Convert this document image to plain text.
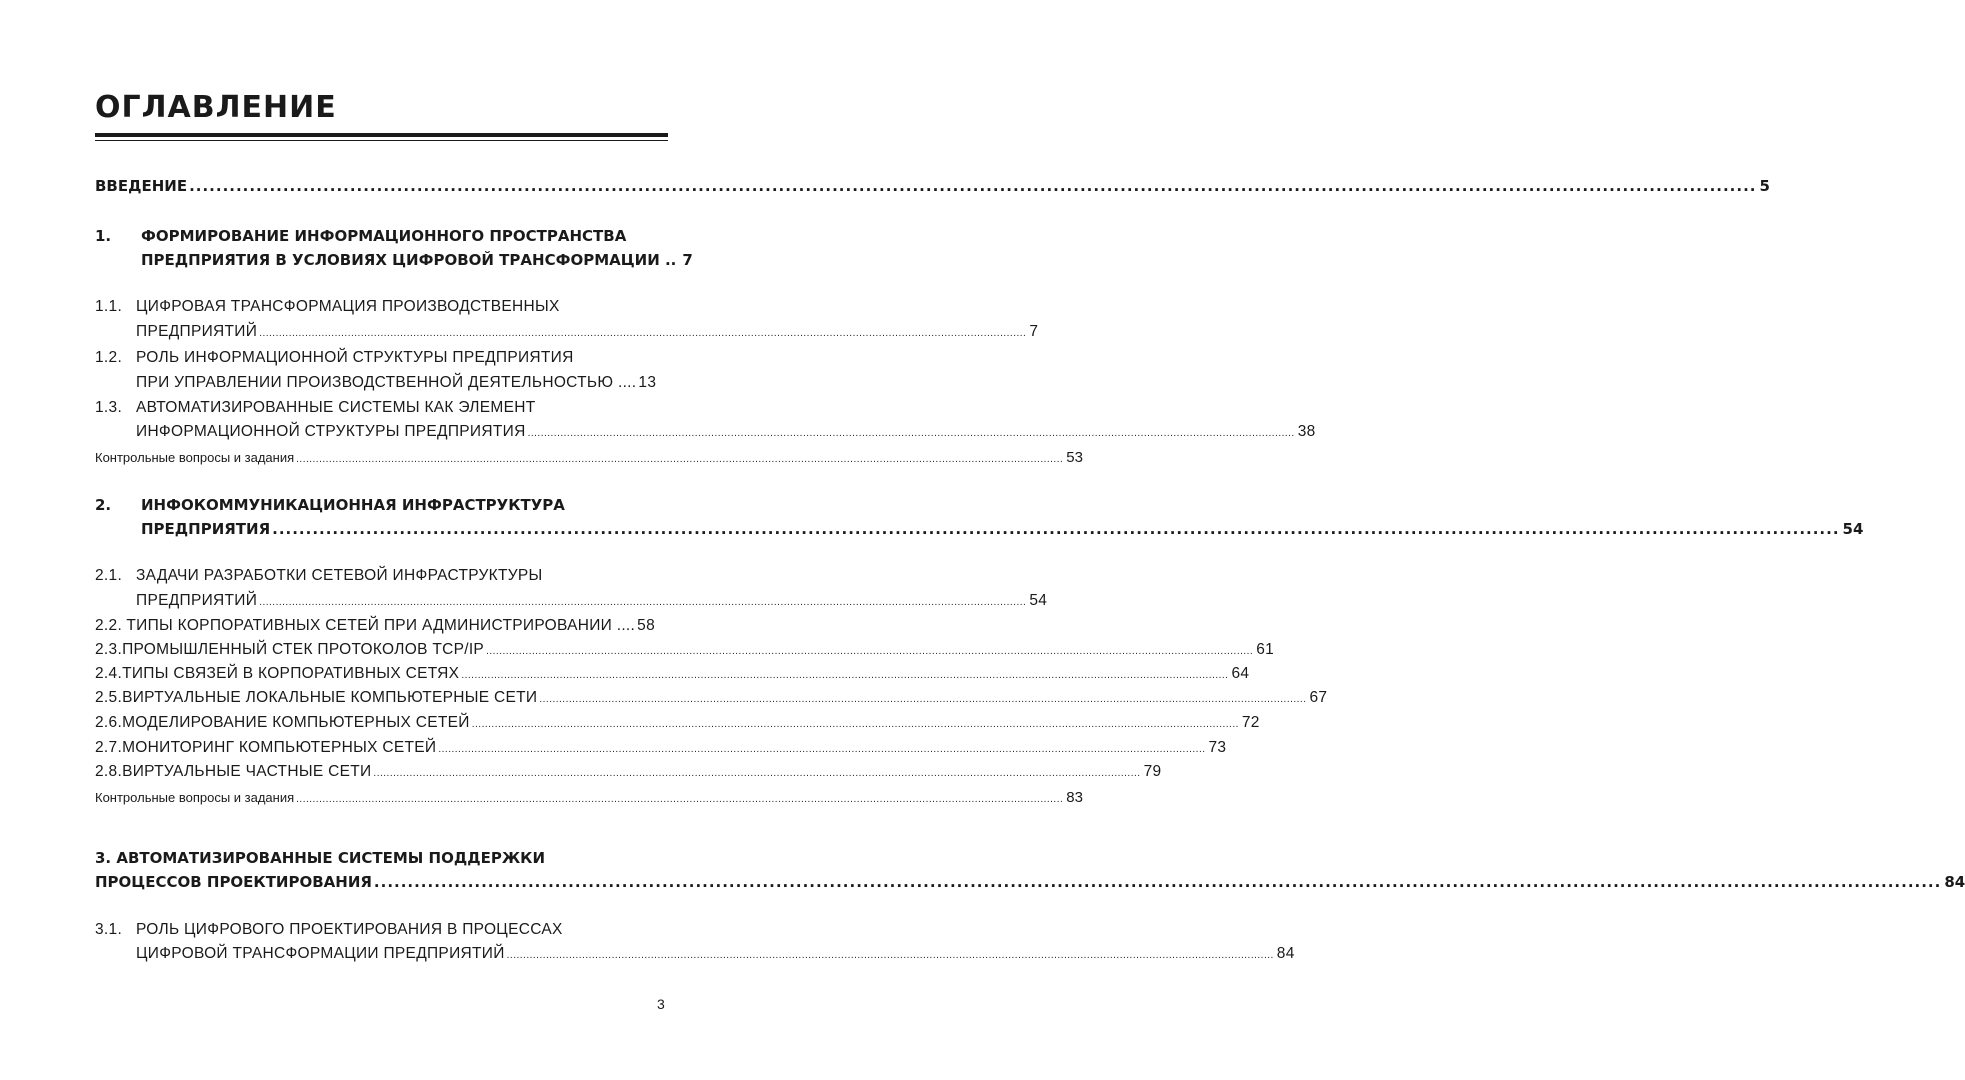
ОГЛАВЛЕНИЕ
ВВЕДЕНИЕ .......................................................................................................................................................................................................................................... 5
1.	ФОРМИРОВАНИЕ ИНФОРМАЦИОННОГО ПРОСТРАНСТВА
ПРЕДПРИЯТИЯ В УСЛОВИЯХ ЦИФРОВОЙ ТРАНСФОРМАЦИИ .. 7
1.1. ЦИФРОВАЯ ТРАНСФОРМАЦИЯ ПРОИЗВОДСТВЕННЫХ
ПРЕДПРИЯТИЙ .......................................................................................................................................................................................................................................... 7
1.2. РОЛЬ ИНФОРМАЦИОННОЙ СТРУКТУРЫ ПРЕДПРИЯТИЯ
ПРИ УПРАВЛЕНИИ ПРОИЗВОДСТВЕННОЙ ДЕЯТЕЛЬНОСТЬЮ .... 13
1.3. АВТОМАТИЗИРОВАННЫЕ СИСТЕМЫ КАК ЭЛЕМЕНТ
ИНФОРМАЦИОННОЙ СТРУКТУРЫ ПРЕДПРИЯТИЯ .......................................................................................................................................................................................................................................... 38
Контрольные вопросы и задания .......................................................................................................................................................................................................................................... 53
2.	ИНФОКОММУНИКАЦИОННАЯ ИНФРАСТРУКТУРА
ПРЕДПРИЯТИЯ .......................................................................................................................................................................................................................................... 54
2.1. ЗАДАЧИ РАЗРАБОТКИ СЕТЕВОЙ ИНФРАСТРУКТУРЫ
ПРЕДПРИЯТИЙ .......................................................................................................................................................................................................................................... 54
2.2. ТИПЫ КОРПОРАТИВНЫХ СЕТЕЙ ПРИ АДМИНИСТРИРОВАНИИ .... 58
2.3. ПРОМЫШЛЕННЫЙ СТЕК ПРОТОКОЛОВ TCP/IP .......................................................................................................................................................................................................................................... 61
2.4. ТИПЫ СВЯЗЕЙ В КОРПОРАТИВНЫХ СЕТЯХ .......................................................................................................................................................................................................................................... 64
2.5. ВИРТУАЛЬНЫЕ ЛОКАЛЬНЫЕ КОМПЬЮТЕРНЫЕ СЕТИ .......................................................................................................................................................................................................................................... 67
2.6. МОДЕЛИРОВАНИЕ КОМПЬЮТЕРНЫХ СЕТЕЙ .......................................................................................................................................................................................................................................... 72
2.7. МОНИТОРИНГ КОМПЬЮТЕРНЫХ СЕТЕЙ .......................................................................................................................................................................................................................................... 73
2.8. ВИРТУАЛЬНЫЕ ЧАСТНЫЕ СЕТИ .......................................................................................................................................................................................................................................... 79
Контрольные вопросы и задания .......................................................................................................................................................................................................................................... 83
3. АВТОМАТИЗИРОВАННЫЕ СИСТЕМЫ ПОДДЕРЖКИ
ПРОЦЕССОВ ПРОЕКТИРОВАНИЯ .......................................................................................................................................................................................................................................... 84
3.1. РОЛЬ ЦИФРОВОГО ПРОЕКТИРОВАНИЯ В ПРОЦЕССАХ
ЦИФРОВОЙ ТРАНСФОРМАЦИИ ПРЕДПРИЯТИЙ .......................................................................................................................................................................................................................................... 84
3
